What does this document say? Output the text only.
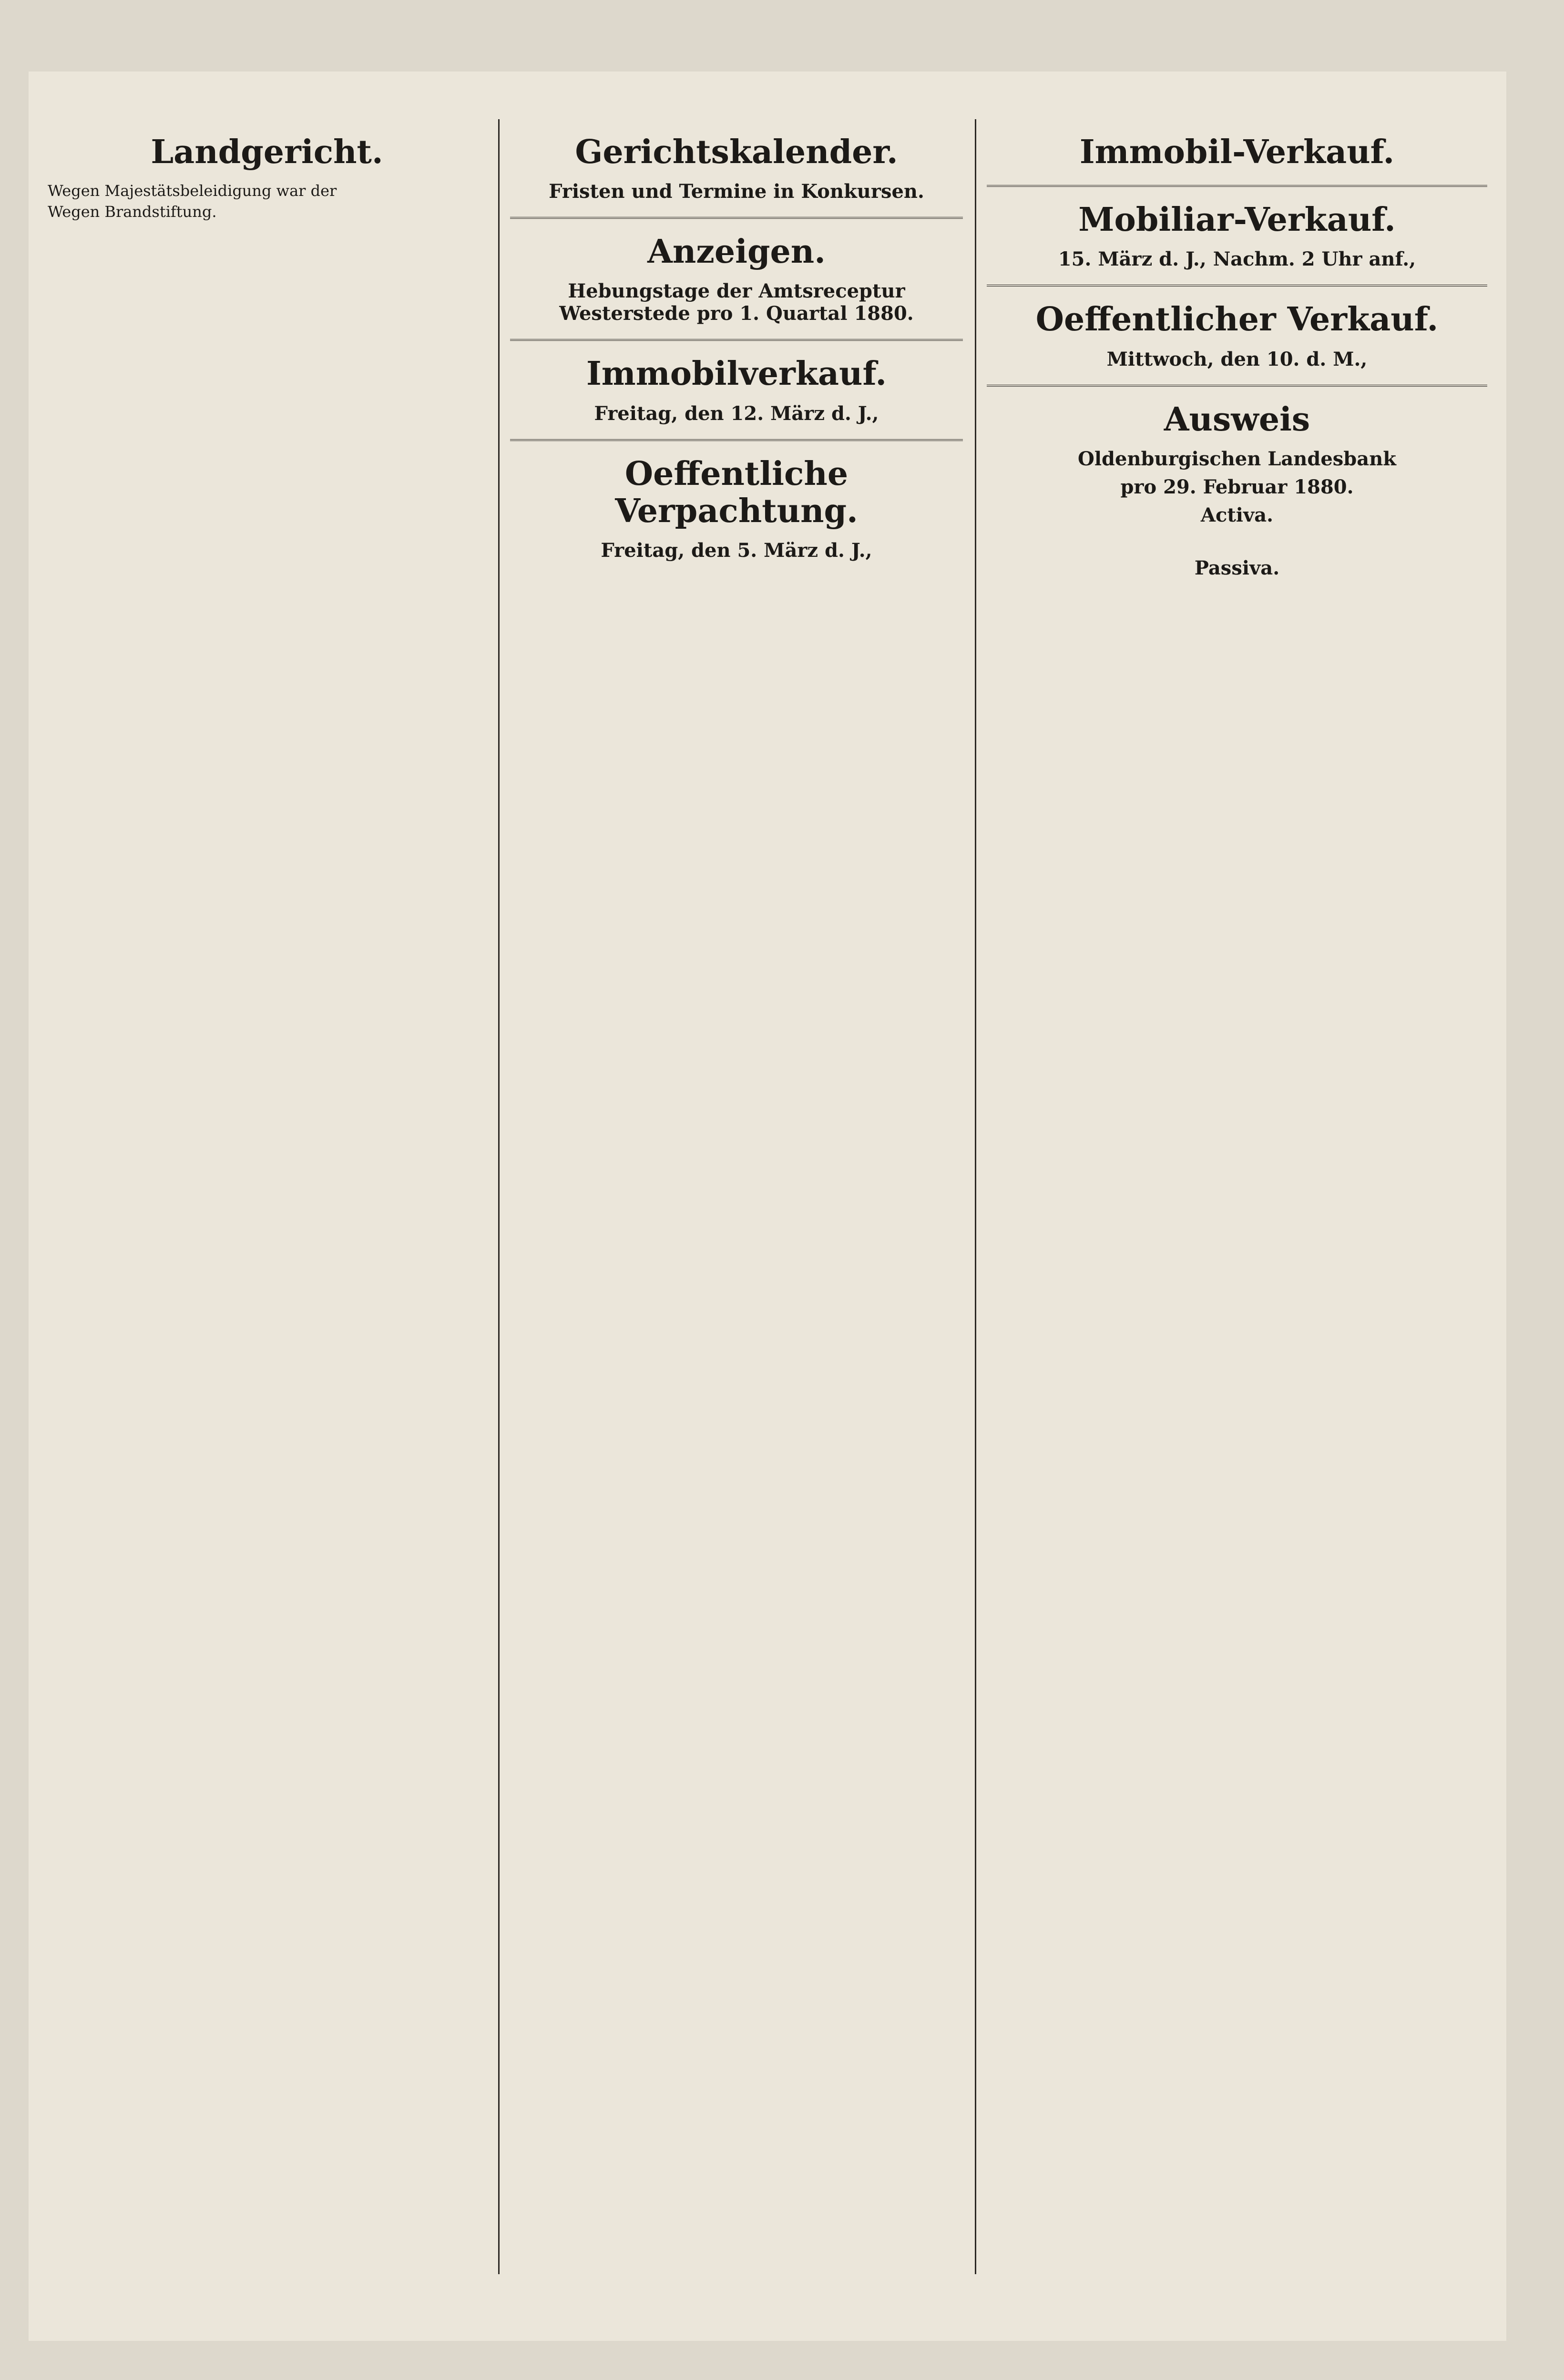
Landgericht.

Wegen Majestätsbeleidigung war der

Wegen Brandstiftung.

Gerichtskalender.
Fristen und Termine in Konkursen.
Anzeigen.
Hebungstage der Amtsreceptur Westerstede pro 1. Quartal 1880.
Immobilverkauf.
Freitag, den 12. März d. J.,
Oeffentliche Verpachtung.
Freitag, den 5. März d. J.,
Immobil-Verkauf.
Mobiliar-Verkauf.
15. März d. J., Nachm. 2 Uhr anf.,
Oeffentlicher Verkauf.
Mittwoch, den 10. d. M.,
Ausweis
Oldenburgischen Landesbank
pro 29. Februar 1880.
Activa.
Passiva.
